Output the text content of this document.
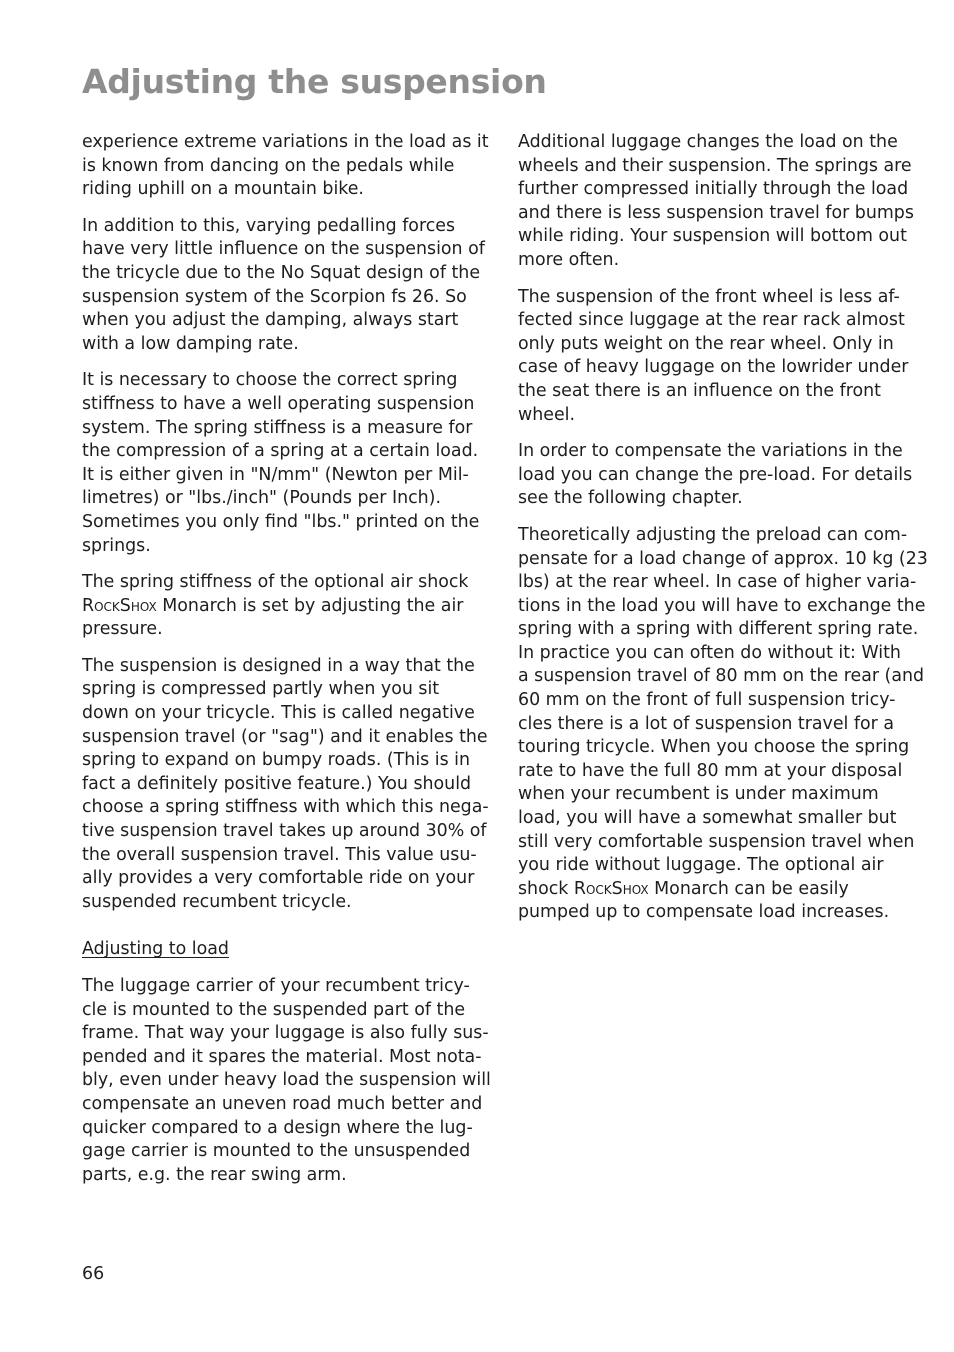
Adjusting the suspension

experience extreme variations in the load as it
is known from dancing on the pedals while
riding uphill on a mountain bike.

In addition to this, varying pedalling forces
have very little influence on the suspension of
the tricycle due to the No Squat design of the
suspension system of the Scorpion fs 26. So
when you adjust the damping, always start
with a low damping rate.

It is necessary to choose the correct spring
stiffness to have a well operating suspension
system. The spring stiffness is a measure for
the compression of a spring at a certain load.
It is either given in "N/mm" (Newton per Mil-
limetres) or "lbs./inch" (Pounds per Inch).
Sometimes you only find "lbs." printed on the
springs.

The spring stiffness of the optional air shock
RockShox Monarch is set by adjusting the air
pressure.

The suspension is designed in a way that the
spring is compressed partly when you sit
down on your tricycle. This is called negative
suspension travel (or "sag") and it enables the
spring to expand on bumpy roads. (This is in
fact a definitely positive feature.) You should
choose a spring stiffness with which this nega-
tive suspension travel takes up around 30% of
the overall suspension travel. This value usu-
ally provides a very comfortable ride on your
suspended recumbent tricycle.

Adjusting to load

The luggage carrier of your recumbent tricy-
cle is mounted to the suspended part of the
frame. That way your luggage is also fully sus-
pended and it spares the material. Most nota-
bly, even under heavy load the suspension will
compensate an uneven road much better and
quicker compared to a design where the lug-
gage carrier is mounted to the unsuspended
parts, e.g. the rear swing arm.

Additional luggage changes the load on the
wheels and their suspension. The springs are
further compressed initially through the load
and there is less suspension travel for bumps
while riding. Your suspension will bottom out
more often.

The suspension of the front wheel is less af-
fected since luggage at the rear rack almost
only puts weight on the rear wheel. Only in
case of heavy luggage on the lowrider under
the seat there is an influence on the front
wheel.

In order to compensate the variations in the
load you can change the pre-load. For details
see the following chapter.

Theoretically adjusting the preload can com-
pensate for a load change of approx. 10 kg (23
lbs) at the rear wheel. In case of higher varia-
tions in the load you will have to exchange the
spring with a spring with different spring rate.
In practice you can often do without it: With
a suspension travel of 80 mm on the rear (and
60 mm on the front of full suspension tricy-
cles there is a lot of suspension travel for a
touring tricycle. When you choose the spring
rate to have the full 80 mm at your disposal
when your recumbent is under maximum
load, you will have a somewhat smaller but
still very comfortable suspension travel when
you ride without luggage. The optional air
shock RockShox Monarch can be easily
pumped up to compensate load increases.

66
